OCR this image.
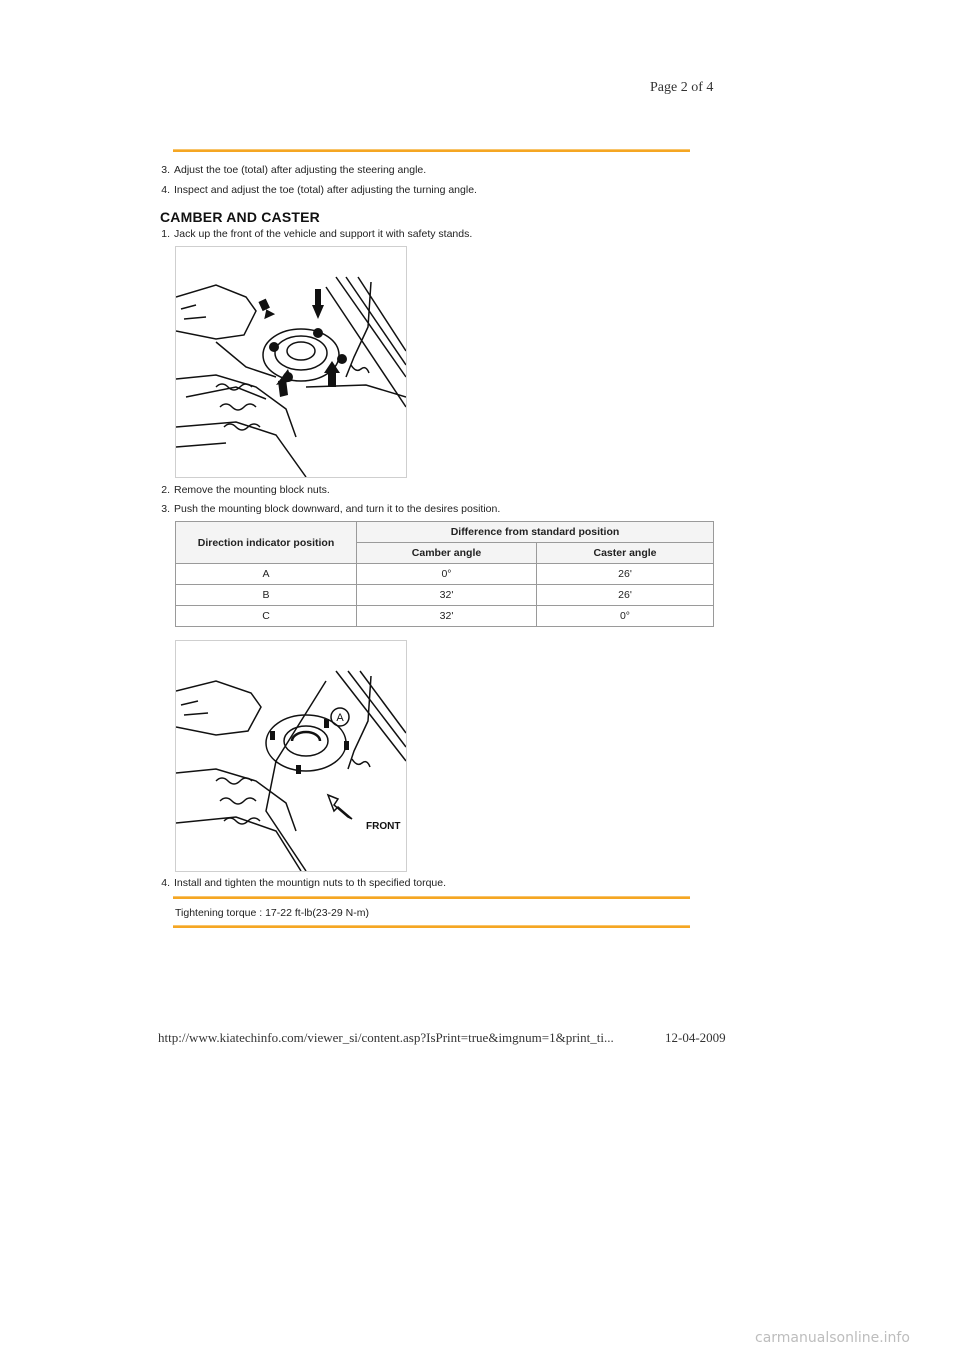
Page 2 of 4
3. Adjust the toe (total) after adjusting the steering angle.
4. Inspect and adjust the toe (total) after adjusting the turning angle.
CAMBER AND CASTER
1. Jack up the front of the vehicle and support it with safety stands.
2. Remove the mounting block nuts.
3. Push the mounting block downward, and turn it to the desires position.
Direction indicator position	Difference from standard position	
	Camber angle	Caster angle
A	0°	26'
B	32'	26'
C	32'	0°
A
FRONT
4. Install and tighten the mountign nuts to th specified torque.
Tightening torque : 17-22 ft-lb(23-29 N-m)
http://www.kiatechinfo.com/viewer_si/content.asp?IsPrint=true&imgnum=1&print_ti...	12-04-2009
carmanualsonline.info
